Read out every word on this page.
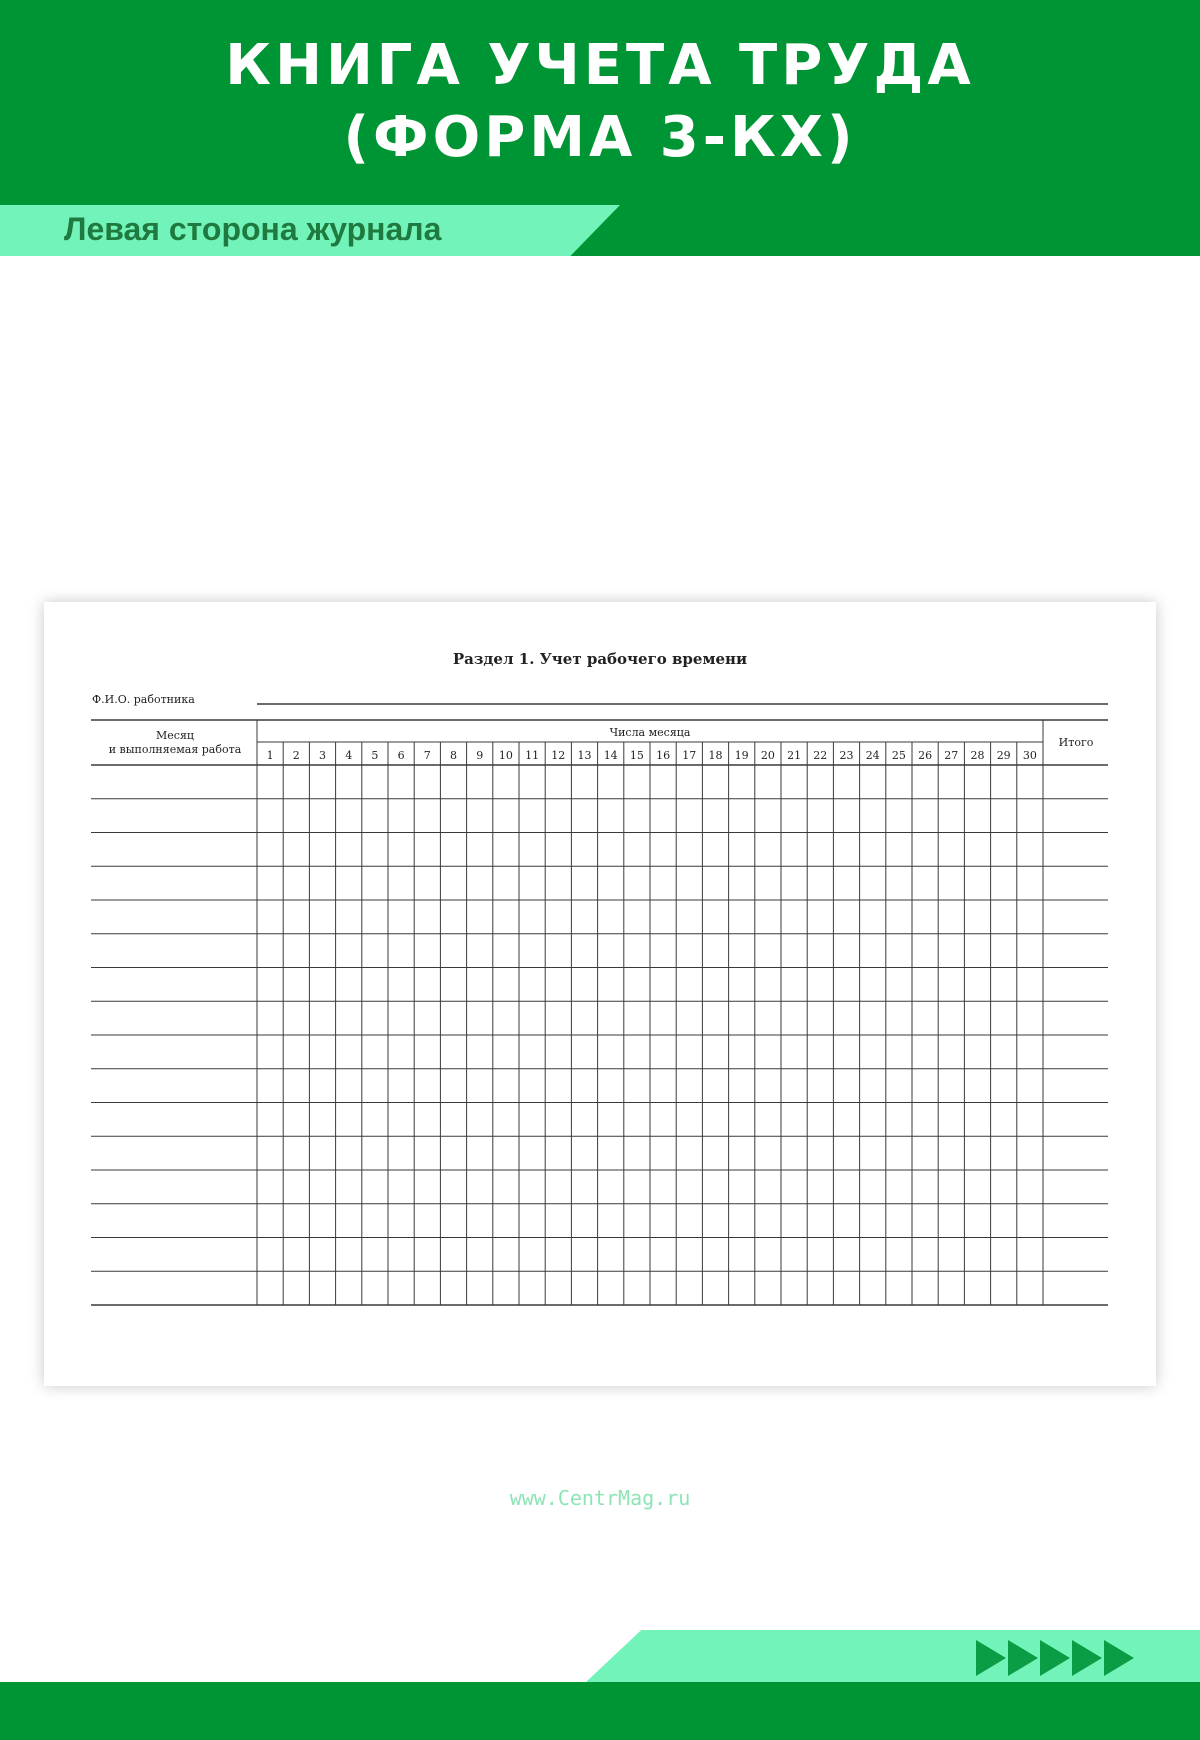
КНИГА УЧЕТА ТРУДА
(ФОРМА 3-КХ)
Левая сторона журнала
Раздел 1. Учет рабочего времени
Ф.И.О. работника
Месяц
и выполняемая работа
Числа месяца
Итого
1 2 3 4 5 6 7 8 9 10 11 12 13 14 15 16 17 18 19 20 21 22 23 24 25 26 27 28 29 30
www.CentrMag.ru
